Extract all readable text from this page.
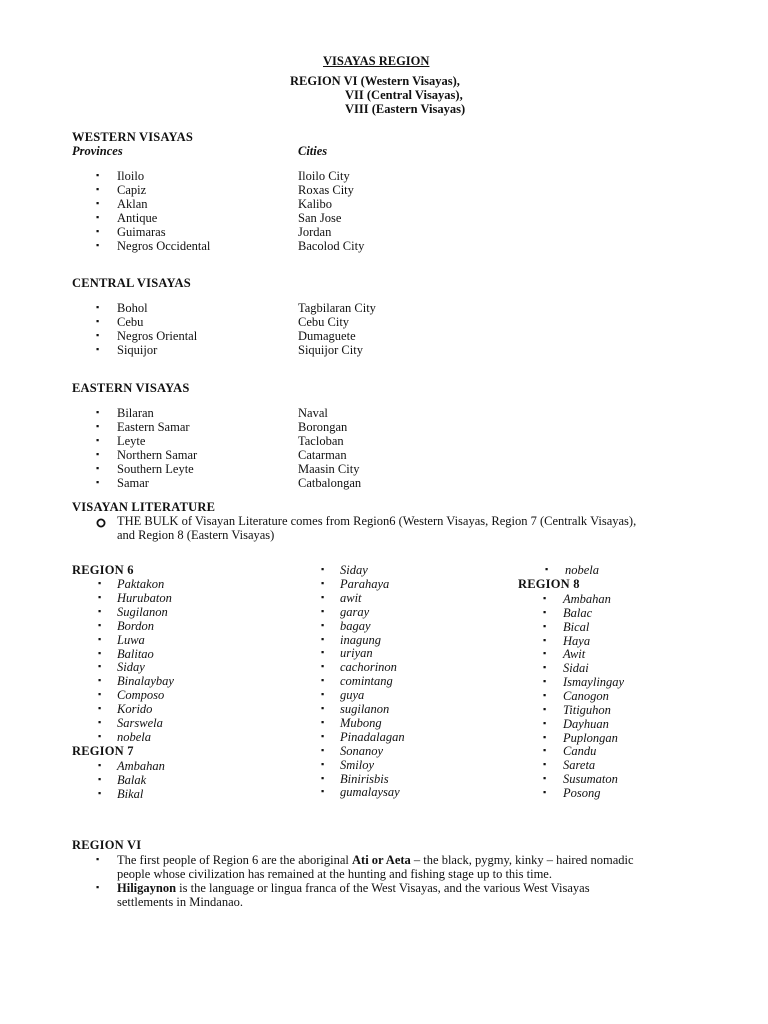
VISAYAS REGION
REGION VI (Western Visayas),
VII (Central Visayas),
VIII (Eastern Visayas)
WESTERN VISAYAS
Provinces	Cities
▪ Iloilo	Iloilo City
▪ Capiz	Roxas City
▪ Aklan	Kalibo
▪ Antique	San Jose
▪ Guimaras	Jordan
▪ Negros Occidental	Bacolod City
CENTRAL VISAYAS
▪ Bohol	Tagbilaran City
▪ Cebu	Cebu City
▪ Negros Oriental	Dumaguete
▪ Siquijor	Siquijor City
EASTERN VISAYAS
▪ Bilaran	Naval
▪ Eastern Samar	Borongan
▪ Leyte	Tacloban
▪ Northern Samar	Catarman
▪ Southern Leyte	Maasin City
▪ Samar	Catbalongan
VISAYAN LITERATURE
THE BULK of Visayan Literature comes from Region6 (Western Visayas, Region 7 (Centralk Visayas),
and Region 8 (Eastern Visayas)
REGION 6
▪ Paktakon
▪ Hurubaton
▪ Sugilanon
▪ Bordon
▪ Luwa
▪ Balitao
▪ Siday
▪ Binalaybay
▪ Composo
▪ Korido
▪ Sarswela
▪ nobela
REGION 7
▪ Ambahan
▪ Balak
▪ Bikal
▪ Siday
▪ Parahaya
▪ awit
▪ garay
▪ bagay
▪ inagung
▪ uriyan
▪ cachorinon
▪ comintang
▪ guya
▪ sugilanon
▪ Mubong
▪ Pinadalagan
▪ Sonanoy
▪ Smiloy
▪ Binirisbis
▪ gumalaysay
▪ nobela
REGION 8
▪ Ambahan
▪ Balac
▪ Bical
▪ Haya
▪ Awit
▪ Sidai
▪ Ismaylingay
▪ Canogon
▪ Titiguhon
▪ Dayhuan
▪ Puplongan
▪ Candu
▪ Sareta
▪ Susumaton
▪ Posong
REGION VI
▪ The first people of Region 6 are the aboriginal Ati or Aeta – the black, pygmy, kinky – haired nomadic
people whose civilization has remained at the hunting and fishing stage up to this time.
▪ Hiligaynon is the language or lingua franca of the West Visayas, and the various West Visayas
settlements in Mindanao.
